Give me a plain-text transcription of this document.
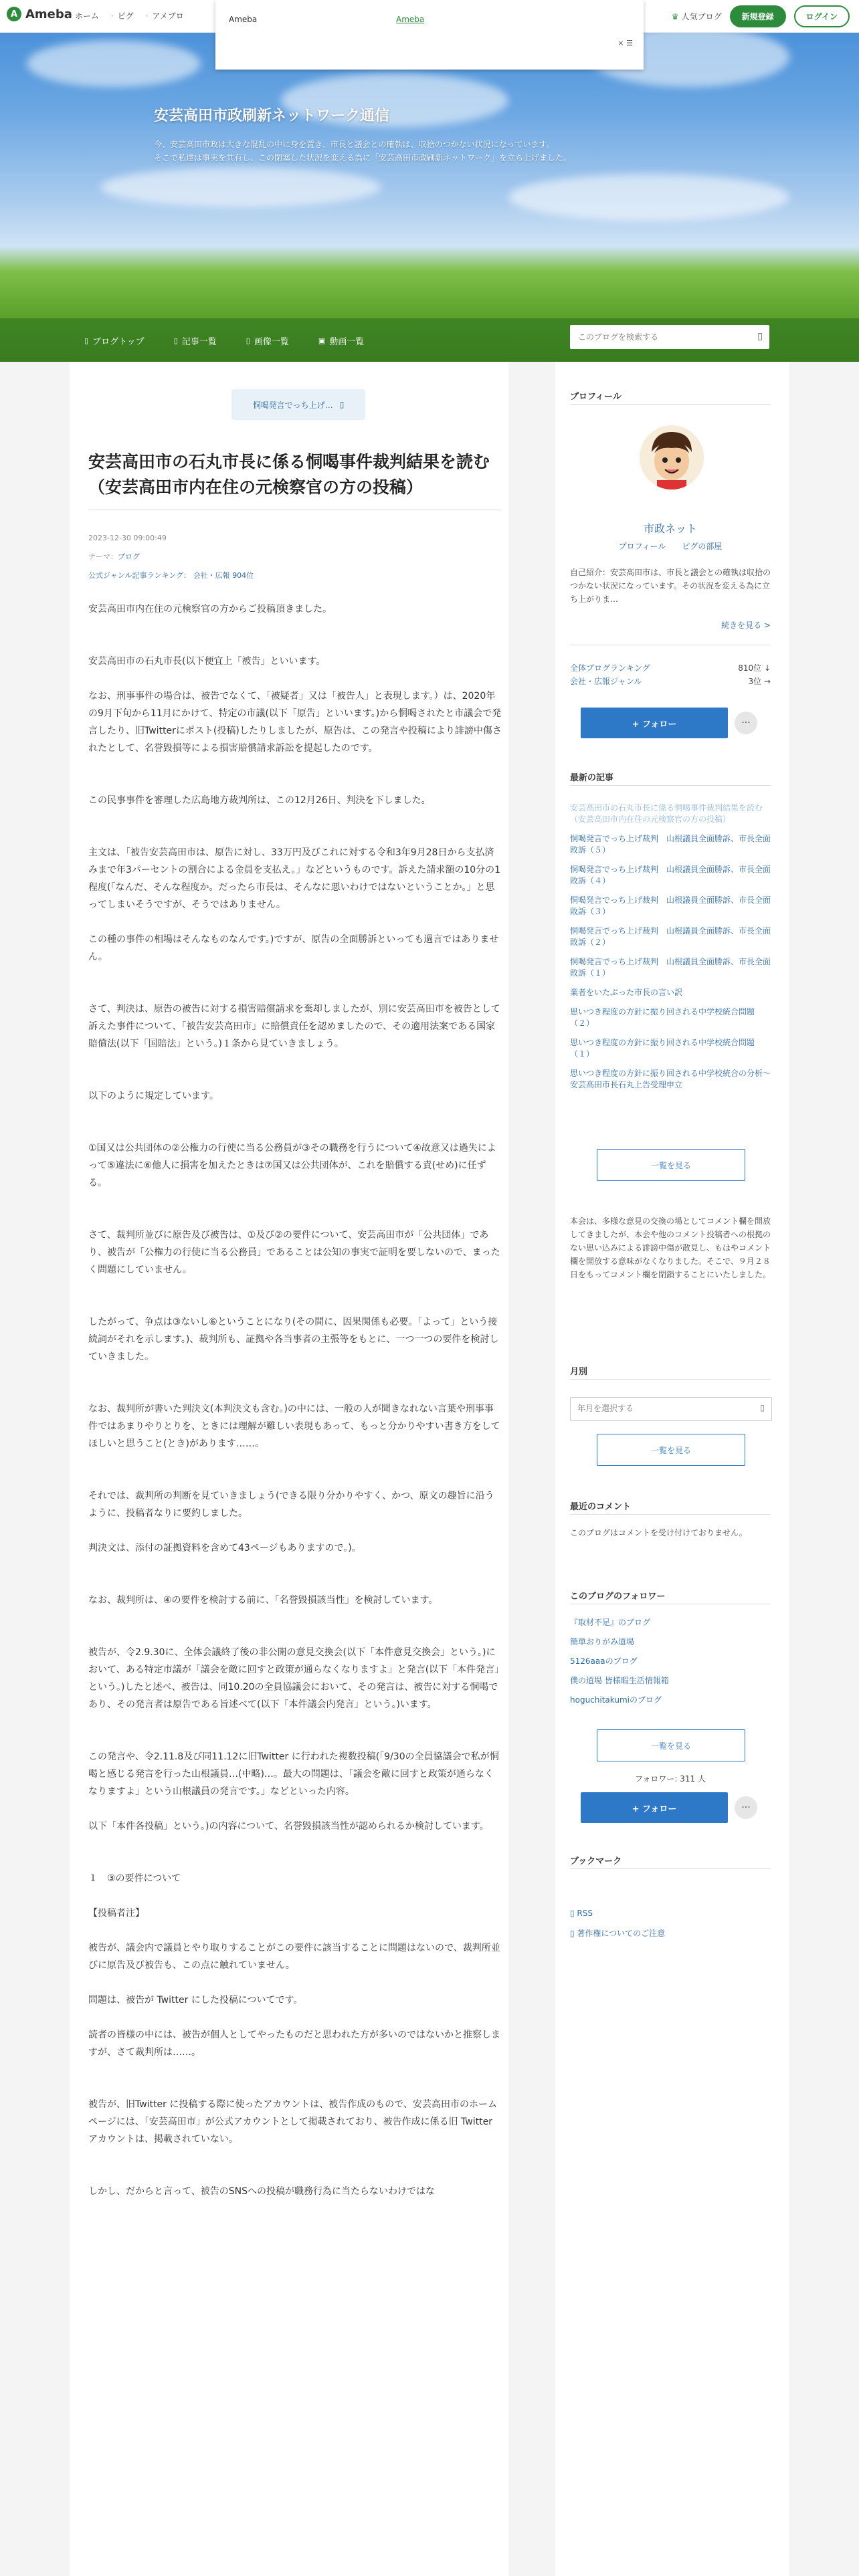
安芸高田市政刷新ネットワーク通信
今、安芸高田市政は大きな混乱の中に身を置き、市長と議会との確執は、収拾のつかない状況になっています。
そこで私達は事実を共有し、この閉塞した状況を変える為に「安芸高田市政刷新ネットワーク」を立ち上げました。
▯ ブログトップ	▯ 記事一覧	▯ 画像一覧	▣ 動画一覧
このブログを検索する
▯
A Ameba · ホーム	· ピグ	· アメブロ	♛ 人気ブログ	新規登録	ログイン
Ameba	Ameba
× ☰
恫喝発言でっち上げ… ▯
安芸高田市の石丸市長に係る恫喝事件裁判結果を読む（安芸高田市内在住の元検察官の方の投稿）
2023-12-30 09:00:49
テーマ：ブログ
公式ジャンル記事ランキング： 会社・広報 904位

安芸高田市内在住の元検察官の方からご投稿頂きました。

安芸高田市の石丸市長(以下便宜上「被告」といいます。

なお、刑事事件の場合は、被告でなくて、「被疑者」又は「被告人」と表現します。）は、2020年の9月下旬から11月にかけて、特定の市議(以下「原告」といいます。)から恫喝されたと市議会で発言したり、旧Twitterにポスト(投稿)したりしましたが、原告は、この発言や投稿により誹謗中傷されたとして、名誉毀損等による損害賠償請求訴訟を提起したのです。

この民事事件を審理した広島地方裁判所は、この12月26日、判決を下しました。

主文は、「被告安芸高田市は、原告に対し、33万円及びこれに対する令和3年9月28日から支払済みまで年3パーセントの割合による金員を支払え。」などというものです。訴えた請求額の10分の1程度(「なんだ、そんな程度か。だったら市長は、そんなに悪いわけではないということか。」と思ってしまいそうですが、そうではありません。

この種の事件の相場はそんなものなんです。)ですが、原告の全面勝訴といっても過言ではありません。

さて、判決は、原告の被告に対する損害賠償請求を棄却しましたが、別に安芸高田市を被告として訴えた事件について、「被告安芸高田市」に賠償責任を認めましたので、その適用法案である国家賠償法(以下「国賠法」という。)１条から見ていきましょう。

以下のように規定しています。

①国又は公共団体の②公権力の行使に当る公務員が③その職務を行うについて④故意又は過失によって⑤違法に⑥他人に損害を加えたときは⑦国又は公共団体が、これを賠償する責(せめ)に任ずる。

さて、裁判所並びに原告及び被告は、①及び②の要件について、安芸高田市が「公共団体」であり、被告が「公権力の行使に当る公務員」であることは公知の事実で証明を要しないので、まったく問題にしていません。

したがって、争点は③ないし⑥ということになり(その間に、因果関係も必要。「よって」という接続詞がそれを示します。)、裁判所も、証拠や各当事者の主張等をもとに、一つ一つの要件を検討していきました。

なお、裁判所が書いた判決文(本判決文も含む。)の中には、一般の人が聞きなれない言葉や刑事事件ではあまりやりとりを、ときには理解が難しい表現もあって、もっと分かりやすい書き方をしてほしいと思うこと(とき)があります……。

それでは、裁判所の判断を見ていきましょう(できる限り分かりやすく、かつ、原文の趣旨に沿うように、投稿者なりに要約しました。

判決文は、添付の証拠資料を含めて43ページもありますので。)。

なお、裁判所は、④の要件を検討する前に、「名誉毀損該当性」を検討しています。

被告が、令2.9.30に、全体会議終了後の非公開の意見交換会(以下「本件意見交換会」という。)において、ある特定市議が「議会を敵に回すと政策が通らなくなりますよ」と発言(以下「本件発言」という。)したと述べ、被告は、同10.20の全員協議会において、その発言は、被告に対する恫喝であり、その発言者は原告である旨述べて(以下「本件議会内発言」という。)います。

この発言や、令2.11.8及び同11.12に旧Twitter に行われた複数投稿(「9/30の全員協議会で私が恫喝と感じる発言を行った山根議員…(中略)…。最大の問題は、「議会を敵に回すと政策が通らなくなりますよ」という山根議員の発言です。」などといった内容。

以下「本件各投稿」という。)の内容について、名誉毀損該当性が認められるか検討しています。

１　③の要件について

【投稿者注】

被告が、議会内で議員とやり取りすることがこの要件に該当することに問題はないので、裁判所並びに原告及び被告も、この点に触れていません。

問題は、被告が Twitter にした投稿についてです。

読者の皆様の中には、被告が個人としてやったものだと思われた方が多いのではないかと推察しますが、さて裁判所は……。

被告が、旧Twitter に投稿する際に使ったアカウントは、被告作成のもので、安芸高田市のホームページには、「安芸高田市」が公式アカウントとして掲載されており、被告作成に係る旧 Twitter アカウントは、掲載されていない。

しかし、だからと言って、被告のSNSへの投稿が職務行為に当たらないわけではな

プロフィール
市政ネット
プロフィール ピグの部屋
自己紹介：安芸高田市は、市長と議会との確執は収拾のつかない状況になっています。その状況を変える為に立ち上がりま…
続きを見る >
全体ブログランキング	810位 ↓
会社・広報ジャンル	3位 →
+ フォロー	···
最新の記事
安芸高田市の石丸市長に係る恫喝事件裁判結果を読む（安芸高田市内在住の元検察官の方の投稿）
恫喝発言でっち上げ裁判　山根議員全面勝訴、市長全面敗訴（５）
恫喝発言でっち上げ裁判　山根議員全面勝訴、市長全面敗訴（４）
恫喝発言でっち上げ裁判　山根議員全面勝訴、市長全面敗訴（３）
恫喝発言でっち上げ裁判　山根議員全面勝訴、市長全面敗訴（２）
恫喝発言でっち上げ裁判　山根議員全面勝訴、市長全面敗訴（１）
業者をいたぶった市長の言い訳
思いつき程度の方針に振り回される中学校統合問題（２）
思いつき程度の方針に振り回される中学校統合問題（１）
思いつき程度の方針に振り回される中学校統合の分析～安芸高田市長石丸上告受理申立
一覧を見る
本会は、多様な意見の交換の場としてコメント欄を開放してきましたが、本会や他のコメント投稿者への根拠のない思い込みによる誹謗中傷が散見し、もはやコメント欄を開放する意味がなくなりました。そこで、９月２８日をもってコメント欄を閉鎖することにいたしました。
月別
年月を選択する
▯
一覧を見る
最近のコメント
このブログはコメントを受け付けておりません。
このブログのフォロワー
『取材不足』のブログ
簡単おりがみ道場
5126aaaのブログ
僕の道場 皆様暇生活情報箱
hoguchitakumiのブログ
一覧を見る
フォロワー: 311 人
+ フォロー	···
ブックマーク
▯ RSS
▯ 著作権についてのご注意
